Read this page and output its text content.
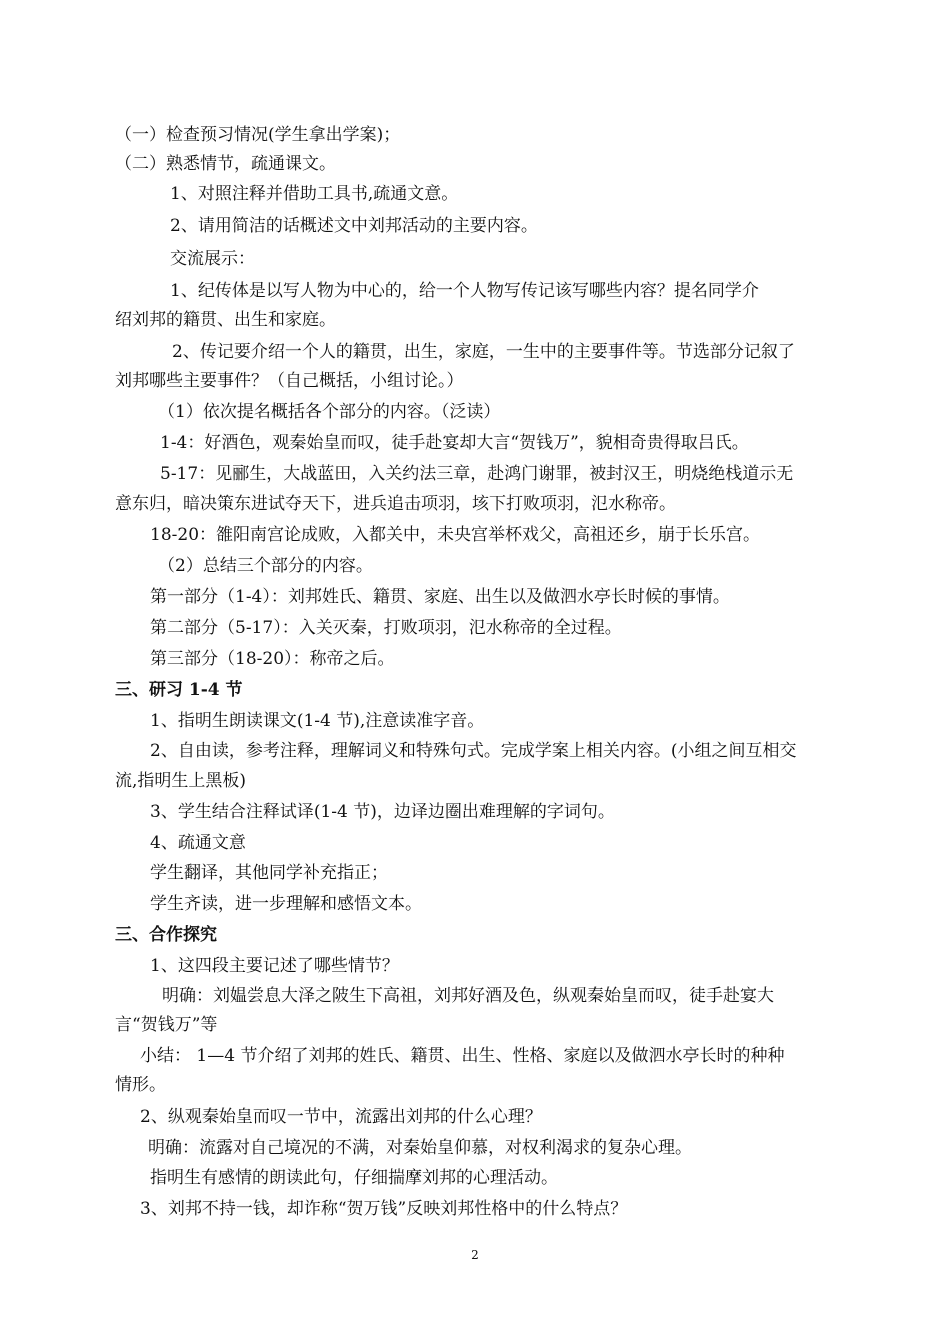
（一）检查预习情况(学生拿出学案)；
（二）熟悉情节，疏通课文。
1、对照注释并借助工具书,疏通文意。
2、请用简洁的话概述文中刘邦活动的主要内容。
交流展示：
1、纪传体是以写人物为中心的，给一个人物写传记该写哪些内容？提名同学介
绍刘邦的籍贯、出生和家庭。
2、传记要介绍一个人的籍贯，出生，家庭，一生中的主要事件等。节选部分记叙了
刘邦哪些主要事件？（自己概括，小组讨论。）
（1）依次提名概括各个部分的内容。（泛读）
1-4：好酒色，观秦始皇而叹，徒手赴宴却大言“贺钱万”，貌相奇贵得取吕氏。
5-17：见郦生，大战蓝田，入关约法三章，赴鸿门谢罪，被封汉王，明烧绝栈道示无
意东归，暗决策东进试夺天下，进兵追击项羽，垓下打败项羽，氾水称帝。
18-20：雒阳南宫论成败，入都关中，未央宫举杯戏父，高祖还乡，崩于长乐宫。
（2）总结三个部分的内容。
第一部分（1-4）：刘邦姓氏、籍贯、家庭、出生以及做泗水亭长时候的事情。
第二部分（5-17）：入关灭秦，打败项羽，氾水称帝的全过程。
第三部分（18-20）：称帝之后。
三、研习 1-4 节
1、指明生朗读课文(1-4 节),注意读准字音。
2、自由读，参考注释，理解词义和特殊句式。完成学案上相关内容。(小组之间互相交
流,指明生上黑板)
3、学生结合注释试译(1-4 节)，边译边圈出难理解的字词句。
4、疏通文意
学生翻译，其他同学补充指正；
学生齐读，进一步理解和感悟文本。
三、合作探究
1、这四段主要记述了哪些情节？
明确：刘媪尝息大泽之陂生下高祖，刘邦好酒及色，纵观秦始皇而叹，徒手赴宴大
言“贺钱万”等
小结： 1—4 节介绍了刘邦的姓氏、籍贯、出生、性格、家庭以及做泗水亭长时的种种
情形。
2、纵观秦始皇而叹一节中，流露出刘邦的什么心理？
明确：流露对自己境况的不满，对秦始皇仰慕，对权利渴求的复杂心理。
指明生有感情的朗读此句，仔细揣摩刘邦的心理活动。
3、刘邦不持一钱，却诈称“贺万钱”反映刘邦性格中的什么特点？
2
